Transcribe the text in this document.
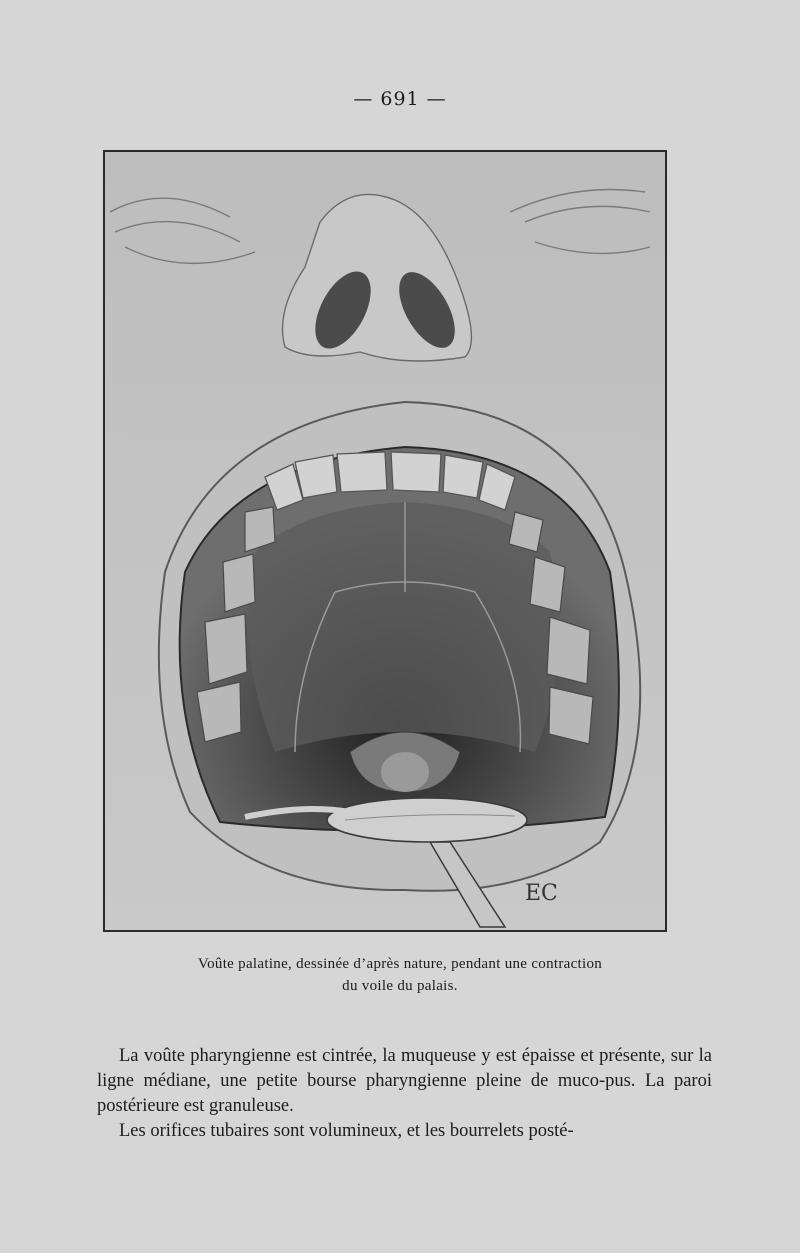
— 691 —
EC
Voûte palatine, dessinée d’après nature, pendant une contraction
du voile du palais.

La voûte pharyngienne est cintrée, la muqueuse y est épaisse et présente, sur la ligne médiane, une petite bourse pharyngienne pleine de muco-pus. La paroi postérieure est granuleuse.

Les orifices tubaires sont volumineux, et les bourrelets posté-
